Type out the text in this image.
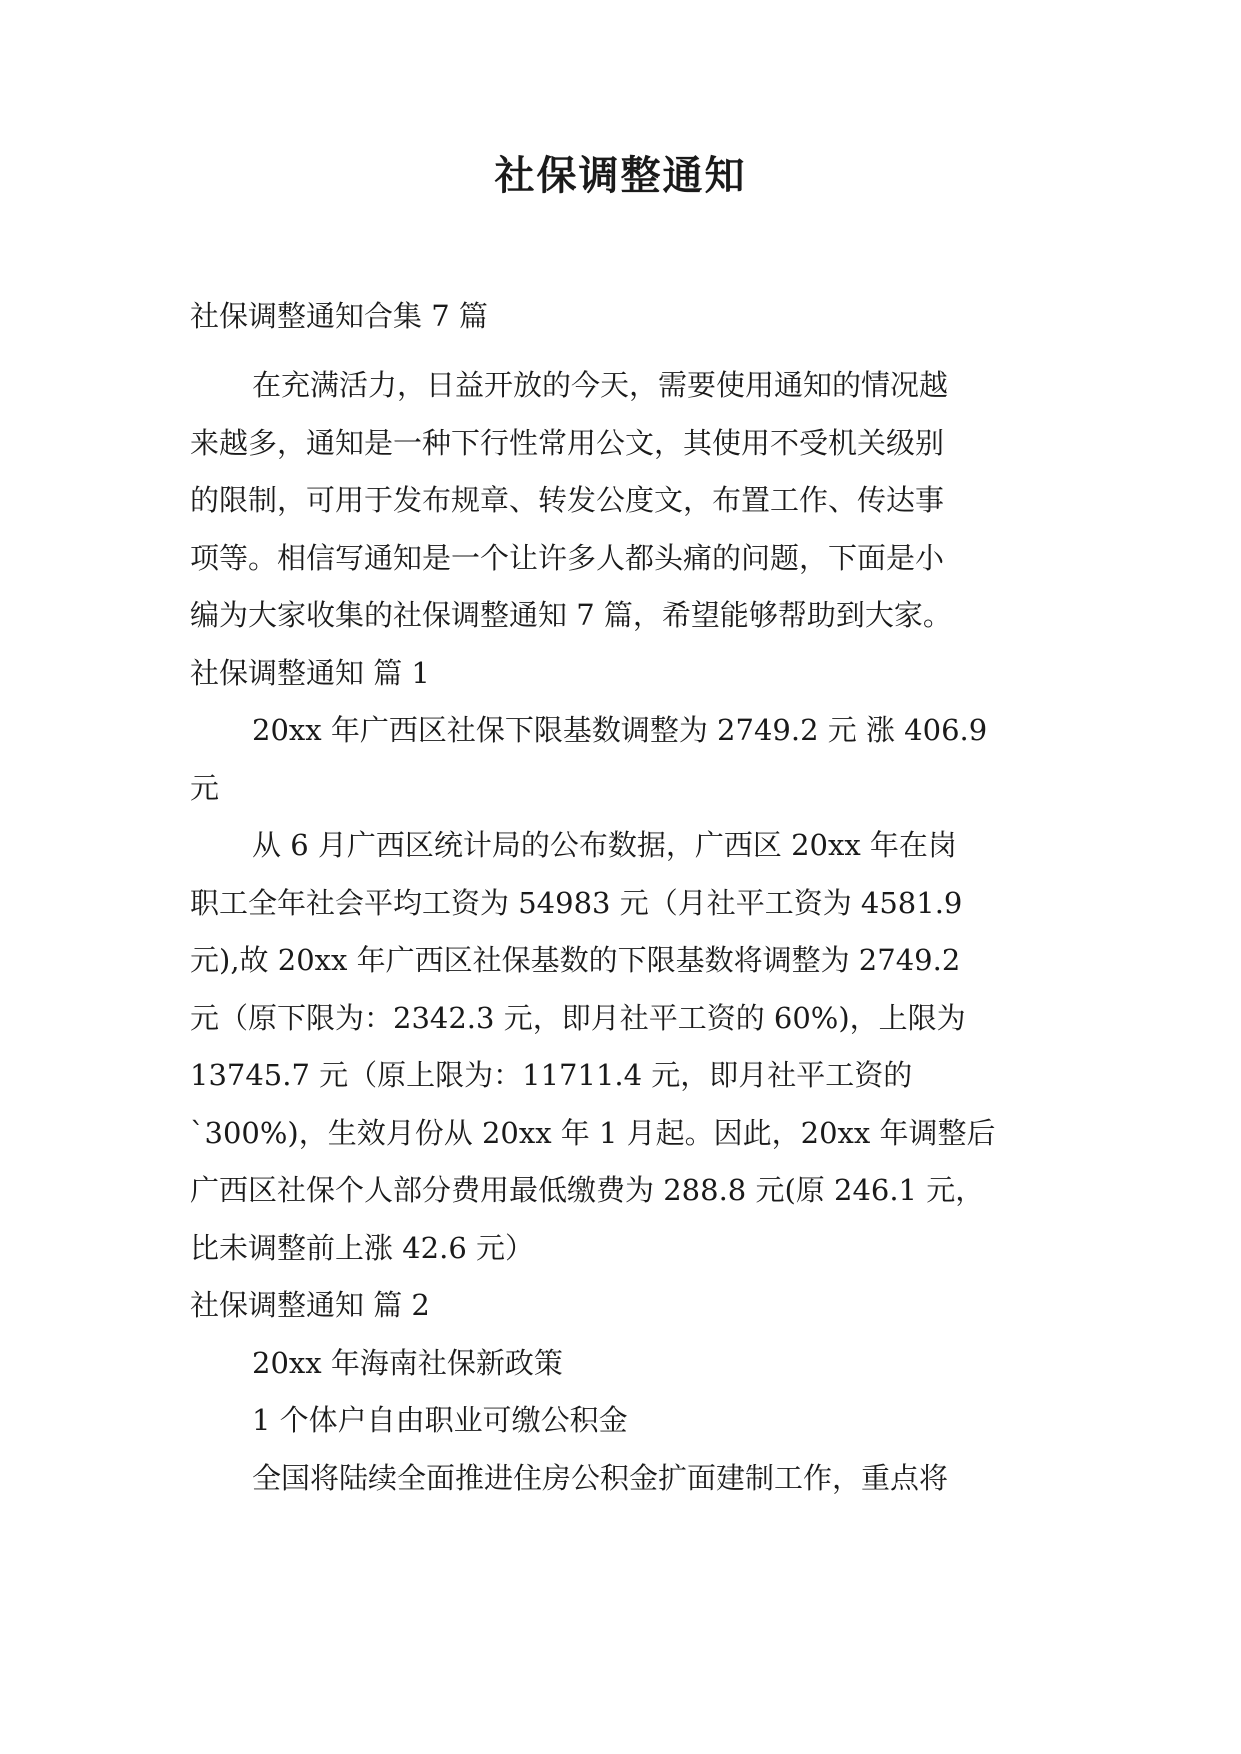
社保调整通知
社保调整通知合集 7 篇
在充满活力，日益开放的今天，需要使用通知的情况越
来越多，通知是一种下行性常用公文，其使用不受机关级别
的限制，可用于发布规章、转发公度文，布置工作、传达事
项等。相信写通知是一个让许多人都头痛的问题，下面是小
编为大家收集的社保调整通知 7 篇，希望能够帮助到大家。
社保调整通知 篇 1
20xx 年广西区社保下限基数调整为 2749.2 元 涨 406.9
元
从 6 月广西区统计局的公布数据，广西区 20xx 年在岗
职工全年社会平均工资为 54983 元（月社平工资为 4581.9
元),故 20xx 年广西区社保基数的下限基数将调整为 2749.2
元（原下限为：2342.3 元，即月社平工资的 60%)，上限为
13745.7 元（原上限为：11711.4 元，即月社平工资的
`300%)，生效月份从 20xx 年 1 月起。因此，20xx 年调整后
广西区社保个人部分费用最低缴费为 288.8 元(原 246.1 元，
比未调整前上涨 42.6 元）
社保调整通知 篇 2
20xx 年海南社保新政策
1 个体户自由职业可缴公积金
全国将陆续全面推进住房公积金扩面建制工作，重点将
